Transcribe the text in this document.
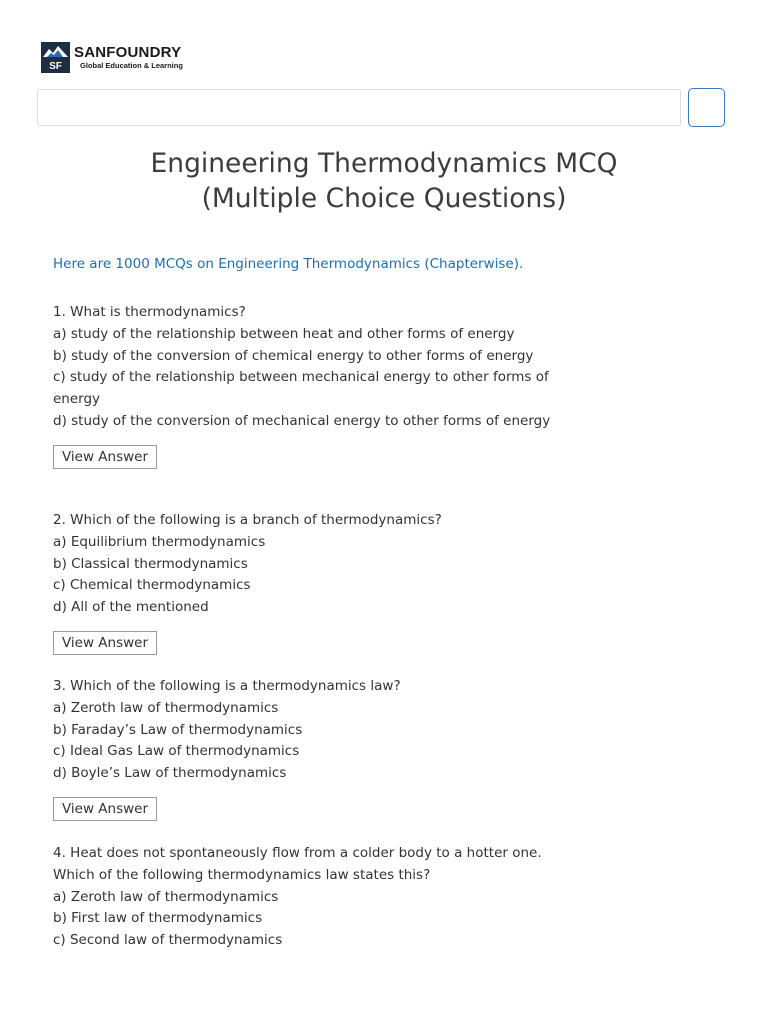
SF
SANFOUNDRY
Global Education & Learning
Engineering Thermodynamics MCQ
(Multiple Choice Questions)
Here are 1000 MCQs on Engineering Thermodynamics (Chapterwise).
1. What is thermodynamics?
a) study of the relationship between heat and other forms of energy
b) study of the conversion of chemical energy to other forms of energy
c) study of the relationship between mechanical energy to other forms of
energy
d) study of the conversion of mechanical energy to other forms of energy
View Answer
2. Which of the following is a branch of thermodynamics?
a) Equilibrium thermodynamics
b) Classical thermodynamics
c) Chemical thermodynamics
d) All of the mentioned
View Answer
3. Which of the following is a thermodynamics law?
a) Zeroth law of thermodynamics
b) Faraday’s Law of thermodynamics
c) Ideal Gas Law of thermodynamics
d) Boyle’s Law of thermodynamics
View Answer
4. Heat does not spontaneously flow from a colder body to a hotter one.
Which of the following thermodynamics law states this?
a) Zeroth law of thermodynamics
b) First law of thermodynamics
c) Second law of thermodynamics
